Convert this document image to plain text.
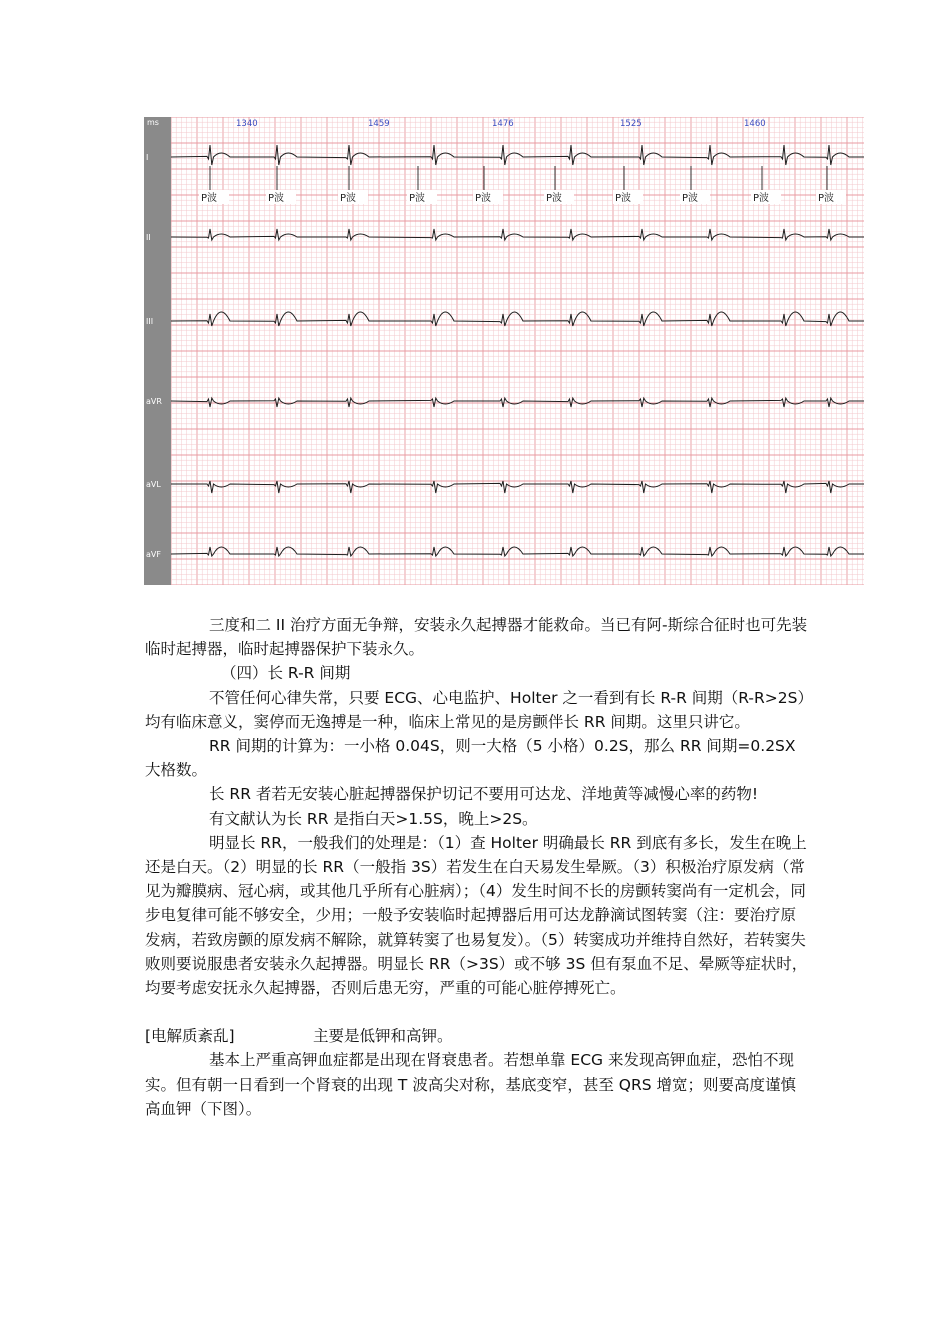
ms	1340	1459	1476	1525	1460
I
II
III
aVR
aVL
aVF
P波	P波	P波	P波	P波	P波	P波	P波	P波	P波

三度和二 II 治疗方面无争辩，安装永久起搏器才能救命。当已有阿-斯综合征时也可先装临时起搏器，临时起搏器保护下装永久。

（四）长 R-R 间期

不管任何心律失常，只要 ECG、心电监护、Holter 之一看到有长 R-R 间期（R-R>2S）均有临床意义，窦停而无逸搏是一种，临床上常见的是房颤伴长 RR 间期。这里只讲它。

RR 间期的计算为：一小格 0.04S，则一大格（5 小格）0.2S，那么 RR 间期=0.2SX 大格数。

长 RR 者若无安装心脏起搏器保护切记不要用可达龙、洋地黄等减慢心率的药物!

有文献认为长 RR 是指白天>1.5S，晚上>2S。

明显长 RR，一般我们的处理是：（1）查 Holter 明确最长 RR 到底有多长，发生在晚上还是白天。（2）明显的长 RR（一般指 3S）若发生在白天易发生晕厥。（3）积极治疗原发病（常见为瓣膜病、冠心病，或其他几乎所有心脏病）；（4）发生时间不长的房颤转窦尚有一定机会，同步电复律可能不够安全，少用；一般予安装临时起搏器后用可达龙静滴试图转窦（注：要治疗原发病，若致房颤的原发病不解除，就算转窦了也易复发）。（5）转窦成功并维持自然好，若转窦失败则要说服患者安装永久起搏器。明显长 RR（>3S）或不够 3S 但有泵血不足、晕厥等症状时，均要考虑安抚永久起搏器，否则后患无穷，严重的可能心脏停搏死亡。

[电解质紊乱]	主要是低钾和高钾。

基本上严重高钾血症都是出现在肾衰患者。若想单靠 ECG 来发现高钾血症，恐怕不现实。但有朝一日看到一个肾衰的出现 T 波高尖对称，基底变窄，甚至 QRS 增宽；则要高度谨慎高血钾（下图）。
